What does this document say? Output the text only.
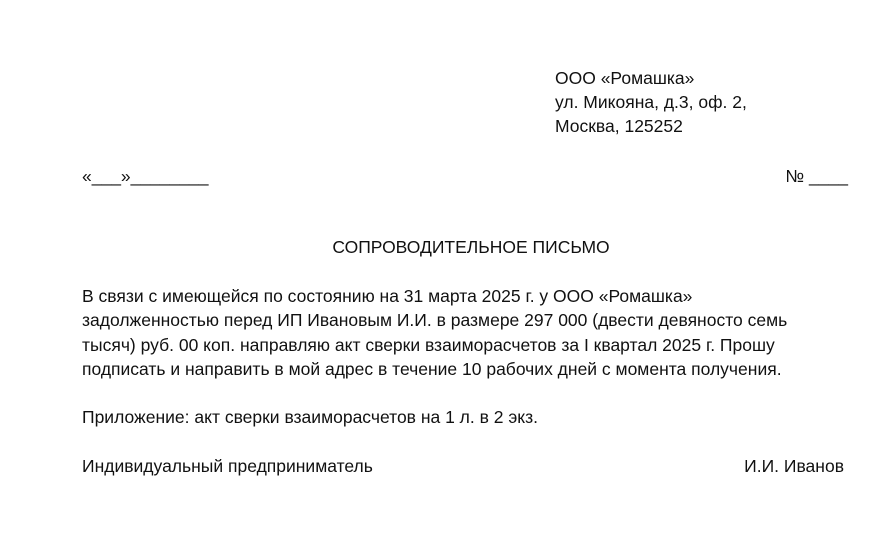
ООО «Ромашка»
ул. Микояна, д.3, оф. 2,
Москва, 125252
«___»________	№ ____
СОПРОВОДИТЕЛЬНОЕ ПИСЬМО
В связи с имеющейся по состоянию на 31 марта 2025 г. у ООО «Ромашка»
задолженностью перед ИП Ивановым И.И. в размере 297 000 (двести девяносто семь
тысяч) руб. 00 коп. направляю акт сверки взаиморасчетов за I квартал 2025 г. Прошу
подписать и направить в мой адрес в течение 10 рабочих дней с момента получения.
Приложение: акт сверки взаиморасчетов на 1 л. в 2 экз.
Индивидуальный предприниматель	И.И. Иванов
